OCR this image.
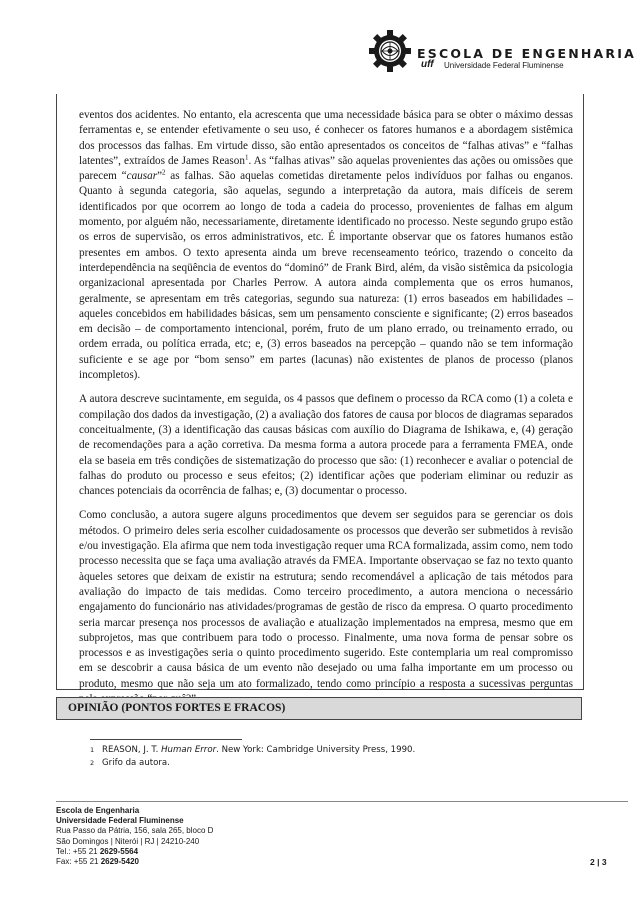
ESCOLA DE ENGENHARIA
uff Universidade Federal Fluminense

eventos dos acidentes. No entanto, ela acrescenta que uma necessidade básica para se obter o máximo dessas ferramentas e, se entender efetivamente o seu uso, é conhecer os fatores humanos e a abordagem sistêmica dos processos das falhas. Em virtude disso, são então apresentados os conceitos de “falhas ativas” e “falhas latentes”, extraídos de James Reason$^1$. As “falhas ativas” são aquelas provenientes das ações ou omissões que parecem “causar”$^2$ as falhas. São aquelas cometidas diretamente pelos indivíduos por falhas ou enganos. Quanto à segunda categoria, são aquelas, segundo a interpretação da autora, mais difíceis de serem identificados por que ocorrem ao longo de toda a cadeia do processo, provenientes de falhas em algum momento, por alguém não, necessariamente, diretamente identificado no processo. Neste segundo grupo estão os erros de supervisão, os erros administrativos, etc. É importante observar que os fatores humanos estão presentes em ambos. O texto apresenta ainda um breve recenseamento teórico, trazendo o conceito da interdependência na seqüência de eventos do “dominó” de Frank Bird, além, da visão sistêmica da psicologia organizacional apresentada por Charles Perrow. A autora ainda complementa que os erros humanos, geralmente, se apresentam em três categorias, segundo sua natureza: (1) erros baseados em habilidades – aqueles concebidos em habilidades básicas, sem um pensamento consciente e significante; (2) erros baseados em decisão – de comportamento intencional, porém, fruto de um plano errado, ou treinamento errado, ou ordem errada, ou política errada, etc; e, (3) erros baseados na percepção – quando não se tem informação suficiente e se age por “bom senso” em partes (lacunas) não existentes de planos de processo (planos incompletos).

A autora descreve sucintamente, em seguida, os 4 passos que definem o processo da RCA como (1) a coleta e compilação dos dados da investigação, (2) a avaliação dos fatores de causa por blocos de diagramas separados conceitualmente, (3) a identificação das causas básicas com auxílio do Diagrama de Ishikawa, e, (4) geração de recomendações para a ação corretiva. Da mesma forma a autora procede para a ferramenta FMEA, onde ela se baseia em três condições de sistematização do processo que são: (1) reconhecer e avaliar o potencial de falhas do produto ou processo e seus efeitos; (2) identificar ações que poderiam eliminar ou reduzir as chances potenciais da ocorrência de falhas; e, (3) documentar o processo.

Como conclusão, a autora sugere alguns procedimentos que devem ser seguidos para se gerenciar os dois métodos. O primeiro deles seria escolher cuidadosamente os processos que deverão ser submetidos à revisão e/ou investigação. Ela afirma que nem toda investigação requer uma RCA formalizada, assim como, nem todo processo necessita que se faça uma avaliação através da FMEA. Importante observaçao se faz no texto quanto àqueles setores que deixam de existir na estrutura; sendo recomendável a aplicação de tais métodos para avaliação do impacto de tais medidas. Como terceiro procedimento, a autora menciona o necessário engajamento do funcionário nas atividades/programas de gestão de risco da empresa. O quarto procedimento seria marcar presença nos processos de avaliação e atualização implementados na empresa, mesmo que em subprojetos, mas que contribuem para todo o processo. Finalmente, uma nova forma de pensar sobre os processos e as investigações seria o quinto procedimento sugerido. Este contemplaria um real compromisso em se descobrir a causa básica de um evento não desejado ou uma falha importante em um processo ou produto, mesmo que não seja um ato formalizado, tendo como princípio a resposta a sucessivas perguntas

OPINIÃO (PONTOS FORTES E FRACOS)
1 REASON, J. T. Human Error. New York: Cambridge University Press, 1990.
2 Grifo da autora.
Escola de Engenharia
Universidade Federal Fluminense
Rua Passo da Pátria, 156, sala 265, bloco D
São Domingos | Niterói | RJ | 24210-240
Tel.: +55 21 2629-5564
Fax: +55 21 2629-5420	2 | 3
